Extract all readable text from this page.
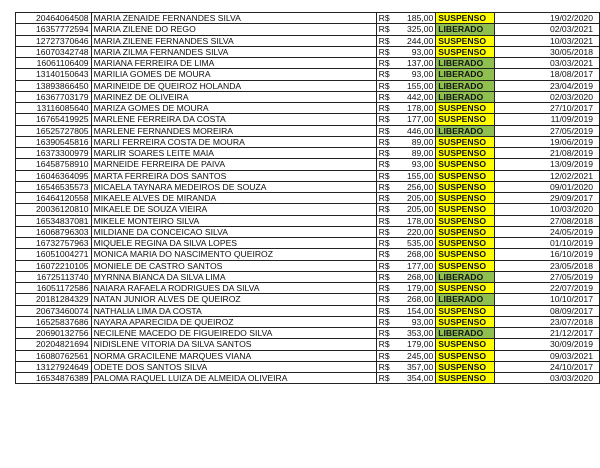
20464064508	MARIA ZENAIDE FERNANDES SILVA	R$ 185,00	SUSPENSO	19/02/2020
16357772594	MARIA ZILENE DO REGO	R$ 325,00	LIBERADO	02/03/2021
12727370646	MARIA ZILENE FERNANDES SILVA	R$ 244,00	SUSPENSO	10/03/2021
16070342748	MARIA ZILMA FERNANDES SILVA	R$ 93,00	SUSPENSO	30/05/2018
16061106409	MARIANA FERREIRA DE LIMA	R$ 137,00	LIBERADO	03/03/2021
13140150643	MARILIA GOMES DE MOURA	R$ 93,00	LIBERADO	18/08/2017
13893866450	MARINEIDE DE QUEIROZ HOLANDA	R$ 155,00	LIBERADO	23/04/2019
16367703179	MARINEZ DE OLIVEIRA	R$ 442,00	LIBERADO	02/03/2020
13116085640	MARIZA GOMES DE MOURA	R$ 178,00	SUSPENSO	27/10/2017
16765419925	MARLENE FERREIRA DA COSTA	R$ 177,00	SUSPENSO	11/09/2019
16525727805	MARLENE FERNANDES MOREIRA	R$ 446,00	LIBERADO	27/05/2019
16390545816	MARLI FERREIRA COSTA DE MOURA	R$ 89,00	SUSPENSO	19/06/2019
16373300979	MARLIR SOARES LEITE MAIA	R$ 89,00	SUSPENSO	21/08/2019
16458758910	MARNEIDE FERREIRA DE PAIVA	R$ 93,00	SUSPENSO	13/09/2019
16046364095	MARTA FERREIRA DOS SANTOS	R$ 155,00	SUSPENSO	12/02/2021
16546535573	MICAELA TAYNARA MEDEIROS DE SOUZA	R$ 256,00	SUSPENSO	09/01/2020
16464120558	MIKAELE ALVES DE MIRANDA	R$ 205,00	SUSPENSO	29/09/2017
20036120810	MIKAELE DE SOUZA VIEIRA	R$ 205,00	SUSPENSO	10/03/2020
16534837081	MIKELE MONTEIRO SILVA	R$ 178,00	SUSPENSO	27/08/2018
16068796303	MILDIANE DA CONCEICAO SILVA	R$ 220,00	SUSPENSO	24/05/2019
16732757963	MIQUELE REGINA DA SILVA LOPES	R$ 535,00	SUSPENSO	01/10/2019
16051004271	MONICA MARIA DO NASCIMENTO QUEIROZ	R$ 268,00	SUSPENSO	16/10/2019
16072210105	MONIELE DE CASTRO SANTOS	R$ 177,00	SUSPENSO	23/05/2018
16725113740	MYRNNA BIANCA DA SILVA LIMA	R$ 268,00	LIBERADO	27/05/2019
16051172586	NAIARA RAFAELA RODRIGUES DA SILVA	R$ 179,00	SUSPENSO	22/07/2019
20181284329	NATAN JUNIOR ALVES DE QUEIROZ	R$ 268,00	LIBERADO	10/10/2017
20673460074	NATHALIA LIMA DA COSTA	R$ 154,00	SUSPENSO	08/09/2017
16525837686	NAYARA APARECIDA DE QUEIROZ	R$ 93,00	SUSPENSO	23/07/2018
20690132756	NECILENE MACEDO DE FIGUEIREDO SILVA	R$ 353,00	LIBERADO	21/12/2017
20204821694	NIDISLENE VITORIA DA SILVA SANTOS	R$ 179,00	SUSPENSO	30/09/2019
16080762561	NORMA GRACILENE MARQUES VIANA	R$ 245,00	SUSPENSO	09/03/2021
13127924649	ODETE DOS SANTOS SILVA	R$ 357,00	SUSPENSO	24/10/2017
16534876389	PALOMA RAQUEL LUIZA DE ALMEIDA OLIVEIRA	R$ 354,00	SUSPENSO	03/03/2020
